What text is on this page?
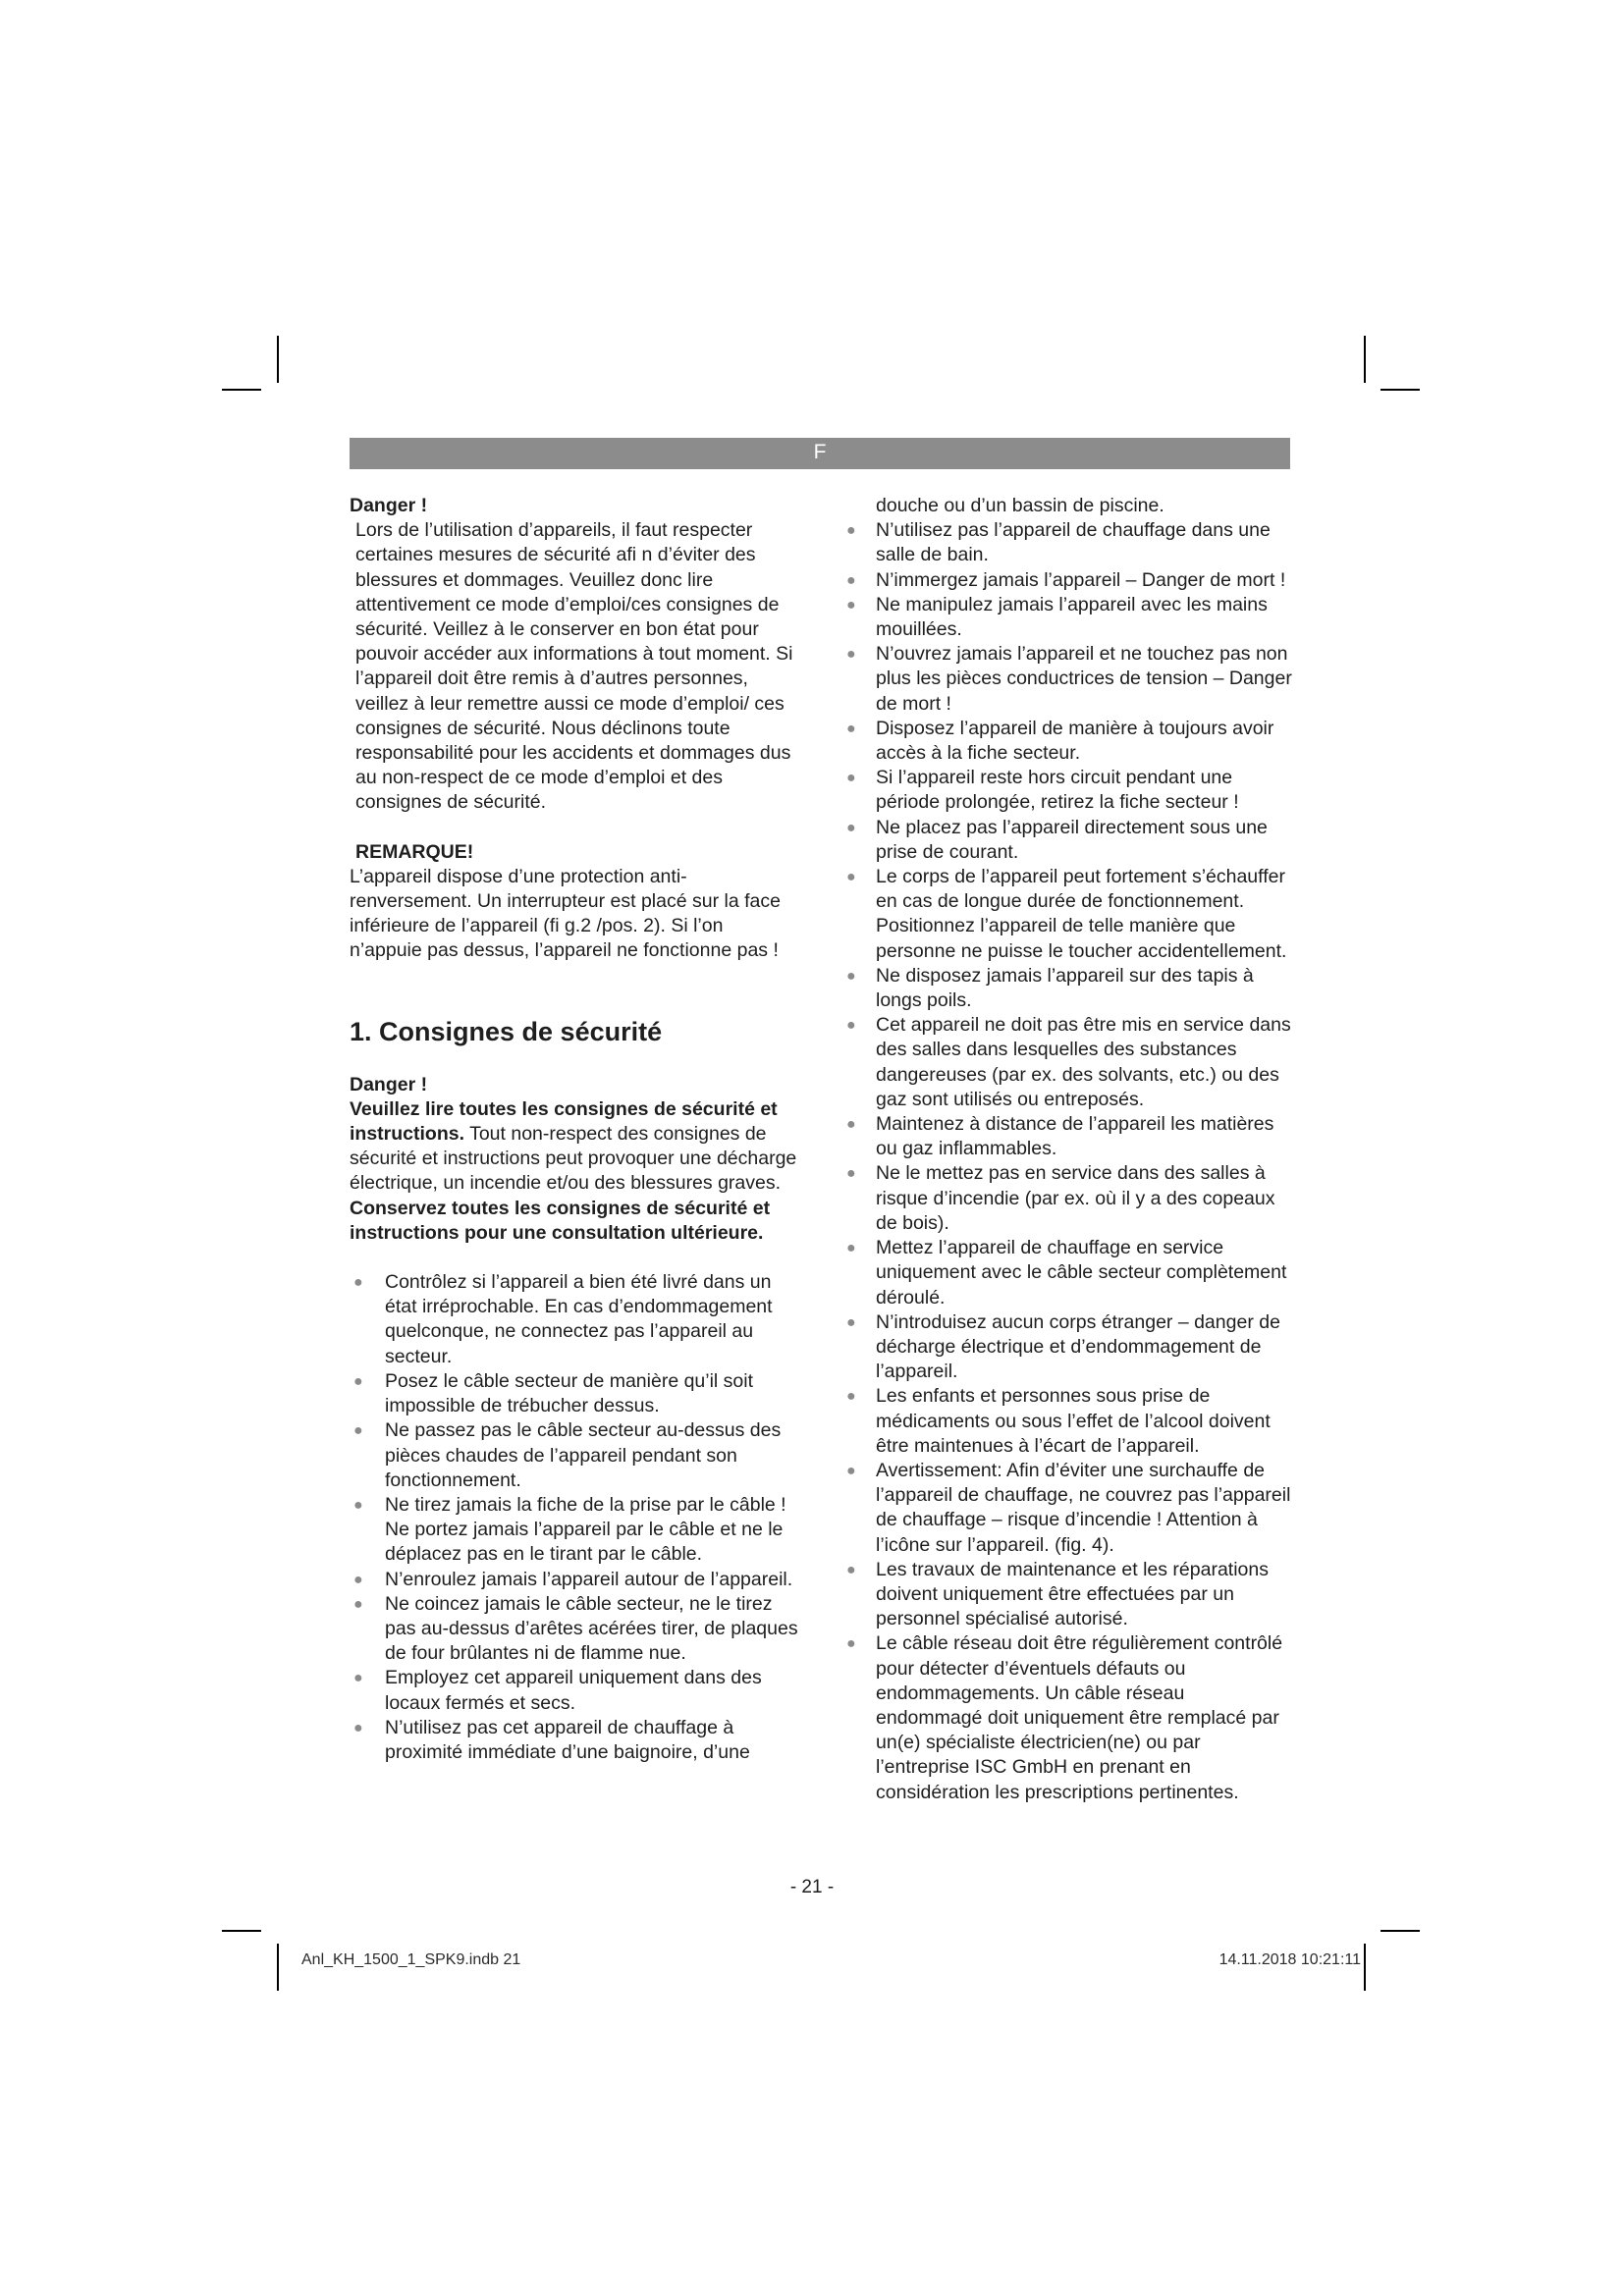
F

Danger !

Lors de l’utilisation d’appareils, il faut respecter certaines mesures de sécurité afi n d’éviter des blessures et dommages. Veuillez donc lire attentivement ce mode d’emploi/ces consignes de sécurité. Veillez à le conserver en bon état pour pouvoir accéder aux informations à tout moment. Si l’appareil doit être remis à d’autres personnes, veillez à leur remettre aussi ce mode d’emploi/ ces consignes de sécurité. Nous déclinons toute responsabilité pour les accidents et dommages dus au non-respect de ce mode d’emploi et des consignes de sécurité.

REMARQUE!

L’appareil dispose d’une protection anti-renversement. Un interrupteur est placé sur la face inférieure de l’appareil (fi g.2 /pos. 2). Si l’on n’appuie pas dessus, l’appareil ne fonctionne pas !

1. Consignes de sécurité

Danger !

Veuillez lire toutes les consignes de sécurité et instructions. Tout non-respect des consignes de sécurité et instructions peut provoquer une décharge électrique, un incendie et/ou des blessures graves.

Conservez toutes les consignes de sécurité et instructions pour une consultation ultérieure.

● Contrôlez si l’appareil a bien été livré dans un état irréprochable. En cas d’endommagement quelconque, ne connectez pas l’appareil au secteur.
● Posez le câble secteur de manière qu’il soit impossible de trébucher dessus.
● Ne passez pas le câble secteur au-dessus des pièces chaudes de l’appareil pendant son fonctionnement.
● Ne tirez jamais la fiche de la prise par le câble ! Ne portez jamais l’appareil par le câble et ne le déplacez pas en le tirant par le câble.
● N’enroulez jamais l’appareil autour de l’appareil.
● Ne coincez jamais le câble secteur, ne le tirez pas au-dessus d’arêtes acérées tirer, de plaques de four brûlantes ni de flamme nue.
● Employez cet appareil uniquement dans des locaux fermés et secs.
● N’utilisez pas cet appareil de chauffage à proximité immédiate d’une baignoire, d’une

douche ou d’un bassin de piscine.

● N’utilisez pas l’appareil de chauffage dans une salle de bain.
● N’immergez jamais l’appareil – Danger de mort !
● Ne manipulez jamais l’appareil avec les mains mouillées.
● N’ouvrez jamais l’appareil et ne touchez pas non plus les pièces conductrices de tension – Danger de mort !
● Disposez l’appareil de manière à toujours avoir accès à la fiche secteur.
● Si l’appareil reste hors circuit pendant une période prolongée, retirez la fiche secteur !
● Ne placez pas l’appareil directement sous une prise de courant.
● Le corps de l’appareil peut fortement s’échauffer en cas de longue durée de fonctionnement. Positionnez l’appareil de telle manière que personne ne puisse le toucher accidentellement.
● Ne disposez jamais l’appareil sur des tapis à longs poils.
● Cet appareil ne doit pas être mis en service dans des salles dans lesquelles des substances dangereuses (par ex. des solvants, etc.) ou des gaz sont utilisés ou entreposés.
● Maintenez à distance de l’appareil les matières ou gaz inflammables.
● Ne le mettez pas en service dans des salles à risque d’incendie (par ex. où il y a des copeaux de bois).
● Mettez l’appareil de chauffage en service uniquement avec le câble secteur complètement déroulé.
● N’introduisez aucun corps étranger – danger de décharge électrique et d’endommagement de l’appareil.
● Les enfants et personnes sous prise de médicaments ou sous l’effet de l’alcool doivent être maintenues à l’écart de l’appareil.
● Avertissement: Afin d’éviter une surchauffe de l’appareil de chauffage, ne couvrez pas l’appareil de chauffage – risque d’incendie ! Attention à l’icône sur l’appareil. (fig. 4).
● Les travaux de maintenance et les réparations doivent uniquement être effectuées par un personnel spécialisé autorisé.
● Le câble réseau doit être régulièrement contrôlé pour détecter d’éventuels défauts ou endommagements. Un câble réseau endommagé doit uniquement être remplacé par un(e) spécialiste électricien(ne) ou par l’entreprise ISC GmbH en prenant en considération les prescriptions pertinentes.
- 21 -
Anl_KH_1500_1_SPK9.indb 21	14.11.2018 10:21:11
